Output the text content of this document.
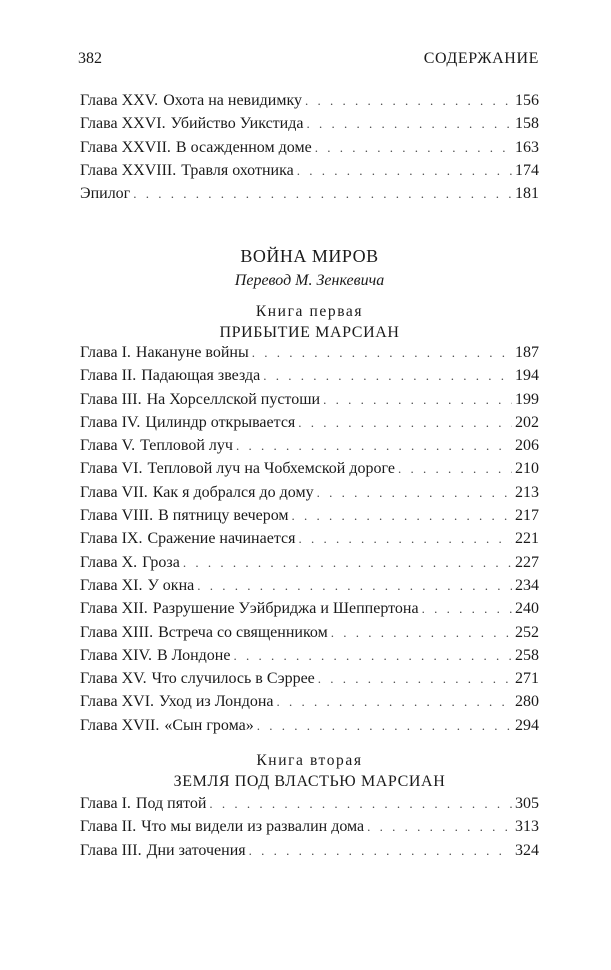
382	СОДЕРЖАНИЕ
Глава XXV. Охота на невидимку . . .	156
Глава XXVI. Убийство Уикстида . . .	158
Глава XXVII. В осажденном доме . . .	163
Глава XXVIII. Травля охотника . . .	174
Эпилог . . .	181
ВОЙНА МИРОВ
Перевод М. Зенкевича
Книга первая
ПРИБЫТИЕ МАРСИАН
Глава I. Накануне войны . . .	187
Глава II. Падающая звезда . . .	194
Глава III. На Хорселлской пустоши . . .	199
Глава IV. Цилиндр открывается . . .	202
Глава V. Тепловой луч . . .	206
Глава VI. Тепловой луч на Чобхемской дороге . . .	210
Глава VII. Как я добрался до дому . . .	213
Глава VIII. В пятницу вечером . . .	217
Глава IX. Сражение начинается . . .	221
Глава X. Гроза . . .	227
Глава XI. У окна . . .	234
Глава XII. Разрушение Уэйбриджа и Шеппертона . . .	240
Глава XIII. Встреча со священником . . .	252
Глава XIV. В Лондоне . . .	258
Глава XV. Что случилось в Сэррее . . .	271
Глава XVI. Уход из Лондона . . .	280
Глава XVII. «Сын грома» . . .	294
Книга вторая
ЗЕМЛЯ ПОД ВЛАСТЬЮ МАРСИАН
Глава I. Под пятой . . .	305
Глава II. Что мы видели из развалин дома . . .	313
Глава III. Дни заточения . . .	324
